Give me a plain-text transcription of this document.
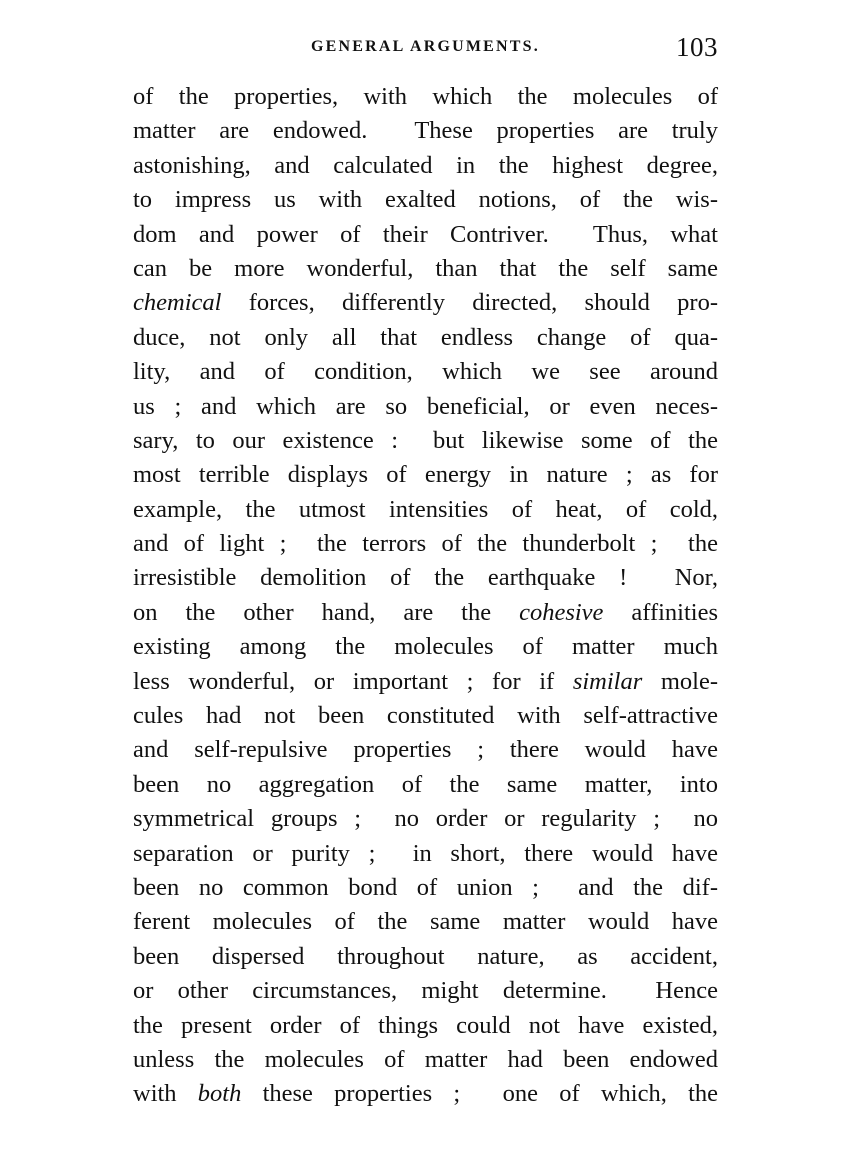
GENERAL ARGUMENTS.	103
of the properties, with which the molecules of
matter are endowed.  These properties are truly
astonishing, and calculated in the highest degree,
to impress us with exalted notions, of the wis-
dom and power of their Contriver.  Thus, what
can be more wonderful, than that the self same
chemical forces, differently directed, should pro-
duce, not only all that endless change of qua-
lity, and of condition, which we see around
us ; and which are so beneficial, or even neces-
sary, to our existence :  but likewise some of the
most terrible displays of energy in nature ; as for
example, the utmost intensities of heat, of cold,
and of light ;  the terrors of the thunderbolt ;  the
irresistible demolition of the earthquake !  Nor,
on the other hand, are the cohesive affinities
existing among the molecules of matter much
less wonderful, or important ; for if similar mole-
cules had not been constituted with self-attractive
and self-repulsive properties ; there would have
been no aggregation of the same matter, into
symmetrical groups ;  no order or regularity ;  no
separation or purity ;  in short, there would have
been no common bond of union ;  and the dif-
ferent molecules of the same matter would have
been dispersed throughout nature, as accident,
or other circumstances, might determine.  Hence
the present order of things could not have existed,
unless the molecules of matter had been endowed
with both these properties ;  one of which, the
